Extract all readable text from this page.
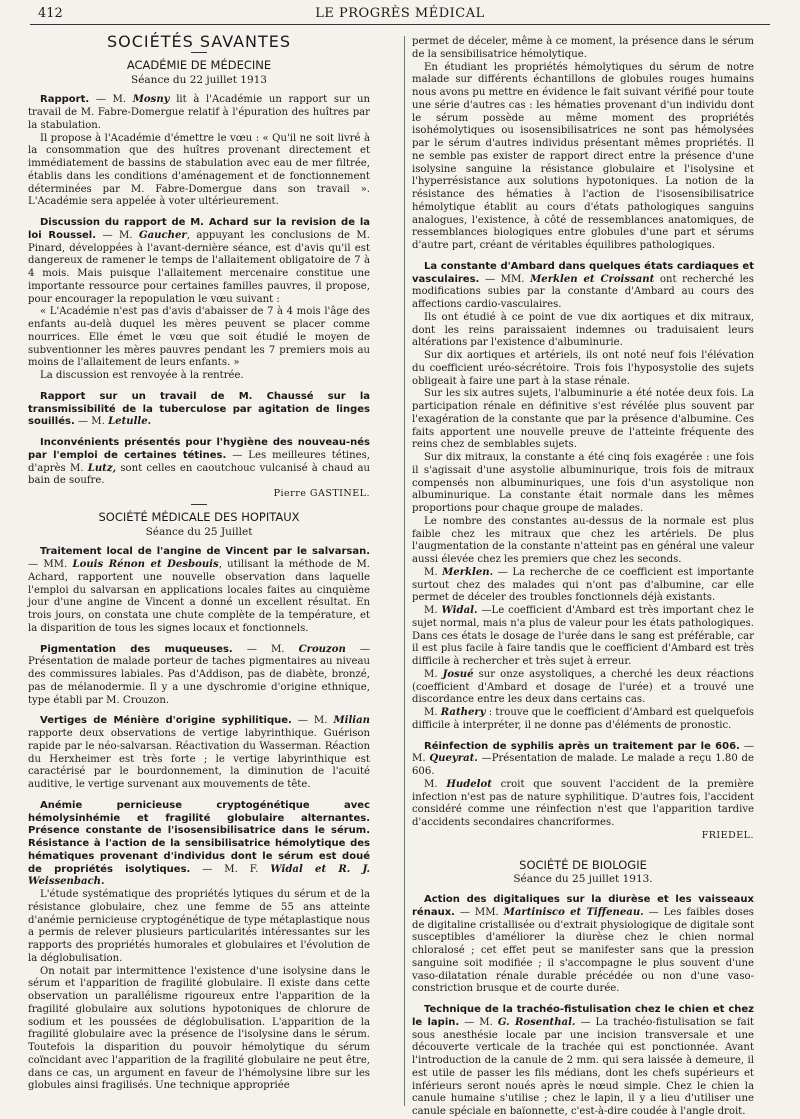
412	LE PROGRÈS MÉDICAL
SOCIÉTÉS SAVANTES
ACADÉMIE DE MÉDECINE

Séance du 22 juillet 1913

Rapport. — M. Mosny lit à l'Académie un rapport sur un travail de M. Fabre-Domergue relatif à l'épuration des huîtres par la stabulation.

Il propose à l'Académie d'émettre le vœu : « Qu'il ne soit livré à la consommation que des huîtres provenant directement et immédiatement de bassins de stabulation avec eau de mer filtrée, établis dans les conditions d'aménagement et de fonctionnement déterminées par M. Fabre-Domergue dans son travail ». L'Académie sera appelée à voter ultérieurement.

Discussion du rapport de M. Achard sur la revision de la loi Roussel. — M. Gaucher, appuyant les conclusions de M. Pinard, développées à l'avant-dernière séance, est d'avis qu'il est dangereux de ramener le temps de l'allaitement obligatoire de 7 à 4 mois. Mais puisque l'allaitement mercenaire constitue une importante ressource pour certaines familles pauvres, il propose, pour encourager la repopulation le vœu suivant :

« L'Académie n'est pas d'avis d'abaisser de 7 à 4 mois l'âge des enfants au-delà duquel les mères peuvent se placer comme nourrices. Elle émet le vœu que soit étudié le moyen de subventionner les mères pauvres pendant les 7 premiers mois au moins de l'allaitement de leurs enfants. »

La discussion est renvoyée à la rentrée.

Rapport sur un travail de M. Chaussé sur la transmissibilité de la tuberculose par agitation de linges souillés. — M. Letulle.

Inconvénients présentés pour l'hygiène des nouveau-nés par l'emploi de certaines tétines. — Les meilleures tétines, d'après M. Lutz, sont celles en caoutchouc vulcanisé à chaud au bain de soufre.

Pierre GASTINEL.

SOCIÉTÉ MÉDICALE DES HOPITAUX

Séance du 25 Juillet

Traitement local de l'angine de Vincent par le salvarsan. — MM. Louis Rénon et Desbouis, utilisant la méthode de M. Achard, rapportent une nouvelle observation dans laquelle l'emploi du salvarsan en applications locales faites au cinquième jour d'une angine de Vincent a donné un excellent résultat. En trois jours, on constata une chute complète de la température, et la disparition de tous les signes locaux et fonctionnels.

Pigmentation des muqueuses. — M. Crouzon — Présentation de malade porteur de taches pigmentaires au niveau des commissures labiales. Pas d'Addison, pas de diabète, bronzé, pas de mélanodermie. Il y a une dyschromie d'origine ethnique, type établi par M. Crouzon.

Vertiges de Ménière d'origine syphilitique. — M. Milian rapporte deux observations de vertige labyrinthique. Guérison rapide par le néo-salvarsan. Réactivation du Wasserman. Réaction du Herxheimer est très forte ; le vertige labyrinthique est caractérisé par le bourdonnement, la diminution de l'acuité auditive, le vertige survenant aux mouvements de tête.

Anémie pernicieuse cryptogénétique avec hémolysinhémie et fragilité globulaire alternantes. Présence constante de l'isosensibilisatrice dans le sérum. Résistance à l'action de la sensibilisatrice hémolytique des hématiques provenant d'individus dont le sérum est doué de propriétés isolytiques. — M. F. Widal et R. J. Weissenbach.

L'étude systématique des propriétés lytiques du sérum et de la résistance globulaire, chez une femme de 55 ans atteinte d'anémie pernicieuse cryptogénétique de type métaplastique nous a permis de relever plusieurs particularités intéressantes sur les rapports des propriétés humorales et globulaires et l'évolution de la déglobulisation.

On notait par intermittence l'existence d'une isolysine dans le sérum et l'apparition de fragilité globulaire. Il existe dans cette observation un parallélisme rigoureux entre l'apparition de la fragilité globulaire aux solutions hypotoniques de chlorure de sodium et les poussées de déglobulisation. L'apparition de la fragilité globulaire avec la présence de l'isolysine dans le sérum. Toutefois la disparition du pouvoir hémolytique du sérum coïncidant avec l'apparition de la fragilité globulaire ne peut être, dans ce cas, un argument en faveur de l'hémolysine libre sur les globules ainsi fragilisés. Une technique appropriée

permet de déceler, même à ce moment, la présence dans le sérum de la sensibilisatrice hémolytique.

En étudiant les propriétés hémolytiques du sérum de notre malade sur différents échantillons de globules rouges humains nous avons pu mettre en évidence le fait suivant vérifié pour toute une série d'autres cas : les hématies provenant d'un individu dont le sérum possède au même moment des propriétés isohémolytiques ou isosensibilisatrices ne sont pas hémolysées par le sérum d'autres individus présentant mêmes propriétés. Il ne semble pas exister de rapport direct entre la présence d'une isolysine sanguine la résistance globulaire et l'isolysine et l'hyperrésistance aux solutions hypotoniques. La notion de la résistance des hématies à l'action de l'isosensibilisatrice hémolytique établit au cours d'états pathologiques sanguins analogues, l'existence, à côté de ressemblances anatomiques, de ressemblances biologiques entre globules d'une part et sérums d'autre part, créant de véritables équilibres pathologiques.

La constante d'Ambard dans quelques états cardiaques et vasculaires. — MM. Merklen et Croissant ont recherché les modifications subies par la constante d'Ambard au cours des affections cardio-vasculaires.

Ils ont étudié à ce point de vue dix aortiques et dix mitraux, dont les reins paraissaient indemnes ou traduisaient leurs altérations par l'existence d'albuminurie.

Sur dix aortiques et artériels, ils ont noté neuf fois l'élévation du coefficient uréo-sécrétoire. Trois fois l'hyposystolie des sujets obligeait à faire une part à la stase rénale.

Sur les six autres sujets, l'albuminurie a été notée deux fois. La participation rénale en définitive s'est révélée plus souvent par l'exagération de la constante que par la présence d'albumine. Ces faits apportent une nouvelle preuve de l'atteinte fréquente des reins chez de semblables sujets.

Sur dix mitraux, la constante a été cinq fois exagérée : une fois il s'agissait d'une asystolie albuminurique, trois fois de mitraux compensés non albuminuriques, une fois d'un asystolique non albuminurique. La constante était normale dans les mêmes proportions pour chaque groupe de malades.

Le nombre des constantes au-dessus de la normale est plus faible chez les mitraux que chez les artériels. De plus l'augmentation de la constante n'atteint pas en général une valeur aussi élevée chez les premiers que chez les seconds.

M. Merklen. — La recherche de ce coefficient est importante surtout chez des malades qui n'ont pas d'albumine, car elle permet de déceler des troubles fonctionnels déjà existants.

M. Widal. —Le coefficient d'Ambard est très important chez le sujet normal, mais n'a plus de valeur pour les états pathologiques. Dans ces états le dosage de l'urée dans le sang est préférable, car il est plus facile à faire tandis que le coefficient d'Ambard est très difficile à rechercher et très sujet à erreur.

M. Josué sur onze asystoliques, a cherché les deux réactions (coefficient d'Ambard et dosage de l'urée) et a trouvé une discordance entre les deux dans certains cas.

M. Rathery : trouve que le coefficient d'Ambard est quelquefois difficile à interpréter, il ne donne pas d'éléments de pronostic.

Réinfection de syphilis après un traitement par le 606. — M. Queyrat. —Présentation de malade. Le malade a reçu 1.80 de 606.

M. Hudelot croit que souvent l'accident de la première infection n'est pas de nature syphilitique. D'autres fois, l'accident considéré comme une réinfection n'est que l'apparition tardive d'accidents secondaires chancriformes.

FRIEDEL.

SOCIÉTÉ DE BIOLOGIE

Séance du 25 juillet 1913.

Action des digitaliques sur la diurèse et les vaisseaux rénaux. — MM. Martinisco et Tiffeneau. — Les faibles doses de digitaline cristallisée ou d'extrait physiologique de digitale sont susceptibles d'améliorer la diurèse chez le chien normal chloralosé ; cet effet peut se manifester sans que la pression sanguine soit modifiée ; il s'accompagne le plus souvent d'une vaso-dilatation rénale durable précédée ou non d'une vaso-constriction brusque et de courte durée.

Technique de la trachéo-fistulisation chez le chien et chez le lapin. — M. G. Rosenthal. — La trachéo-fistulisation se fait sous anesthésie locale par une incision transversale et une découverte verticale de la trachée qui est ponctionnée. Avant l'introduction de la canule de 2 mm. qui sera laissée à demeure, il est utile de passer les fils médians, dont les chefs supérieurs et inférieurs seront noués après le nœud simple. Chez le chien la canule humaine s'utilise ; chez le lapin, il y a lieu d'utiliser une canule spéciale en baïonnette, c'est-à-dire coudée à l'angle droit.
